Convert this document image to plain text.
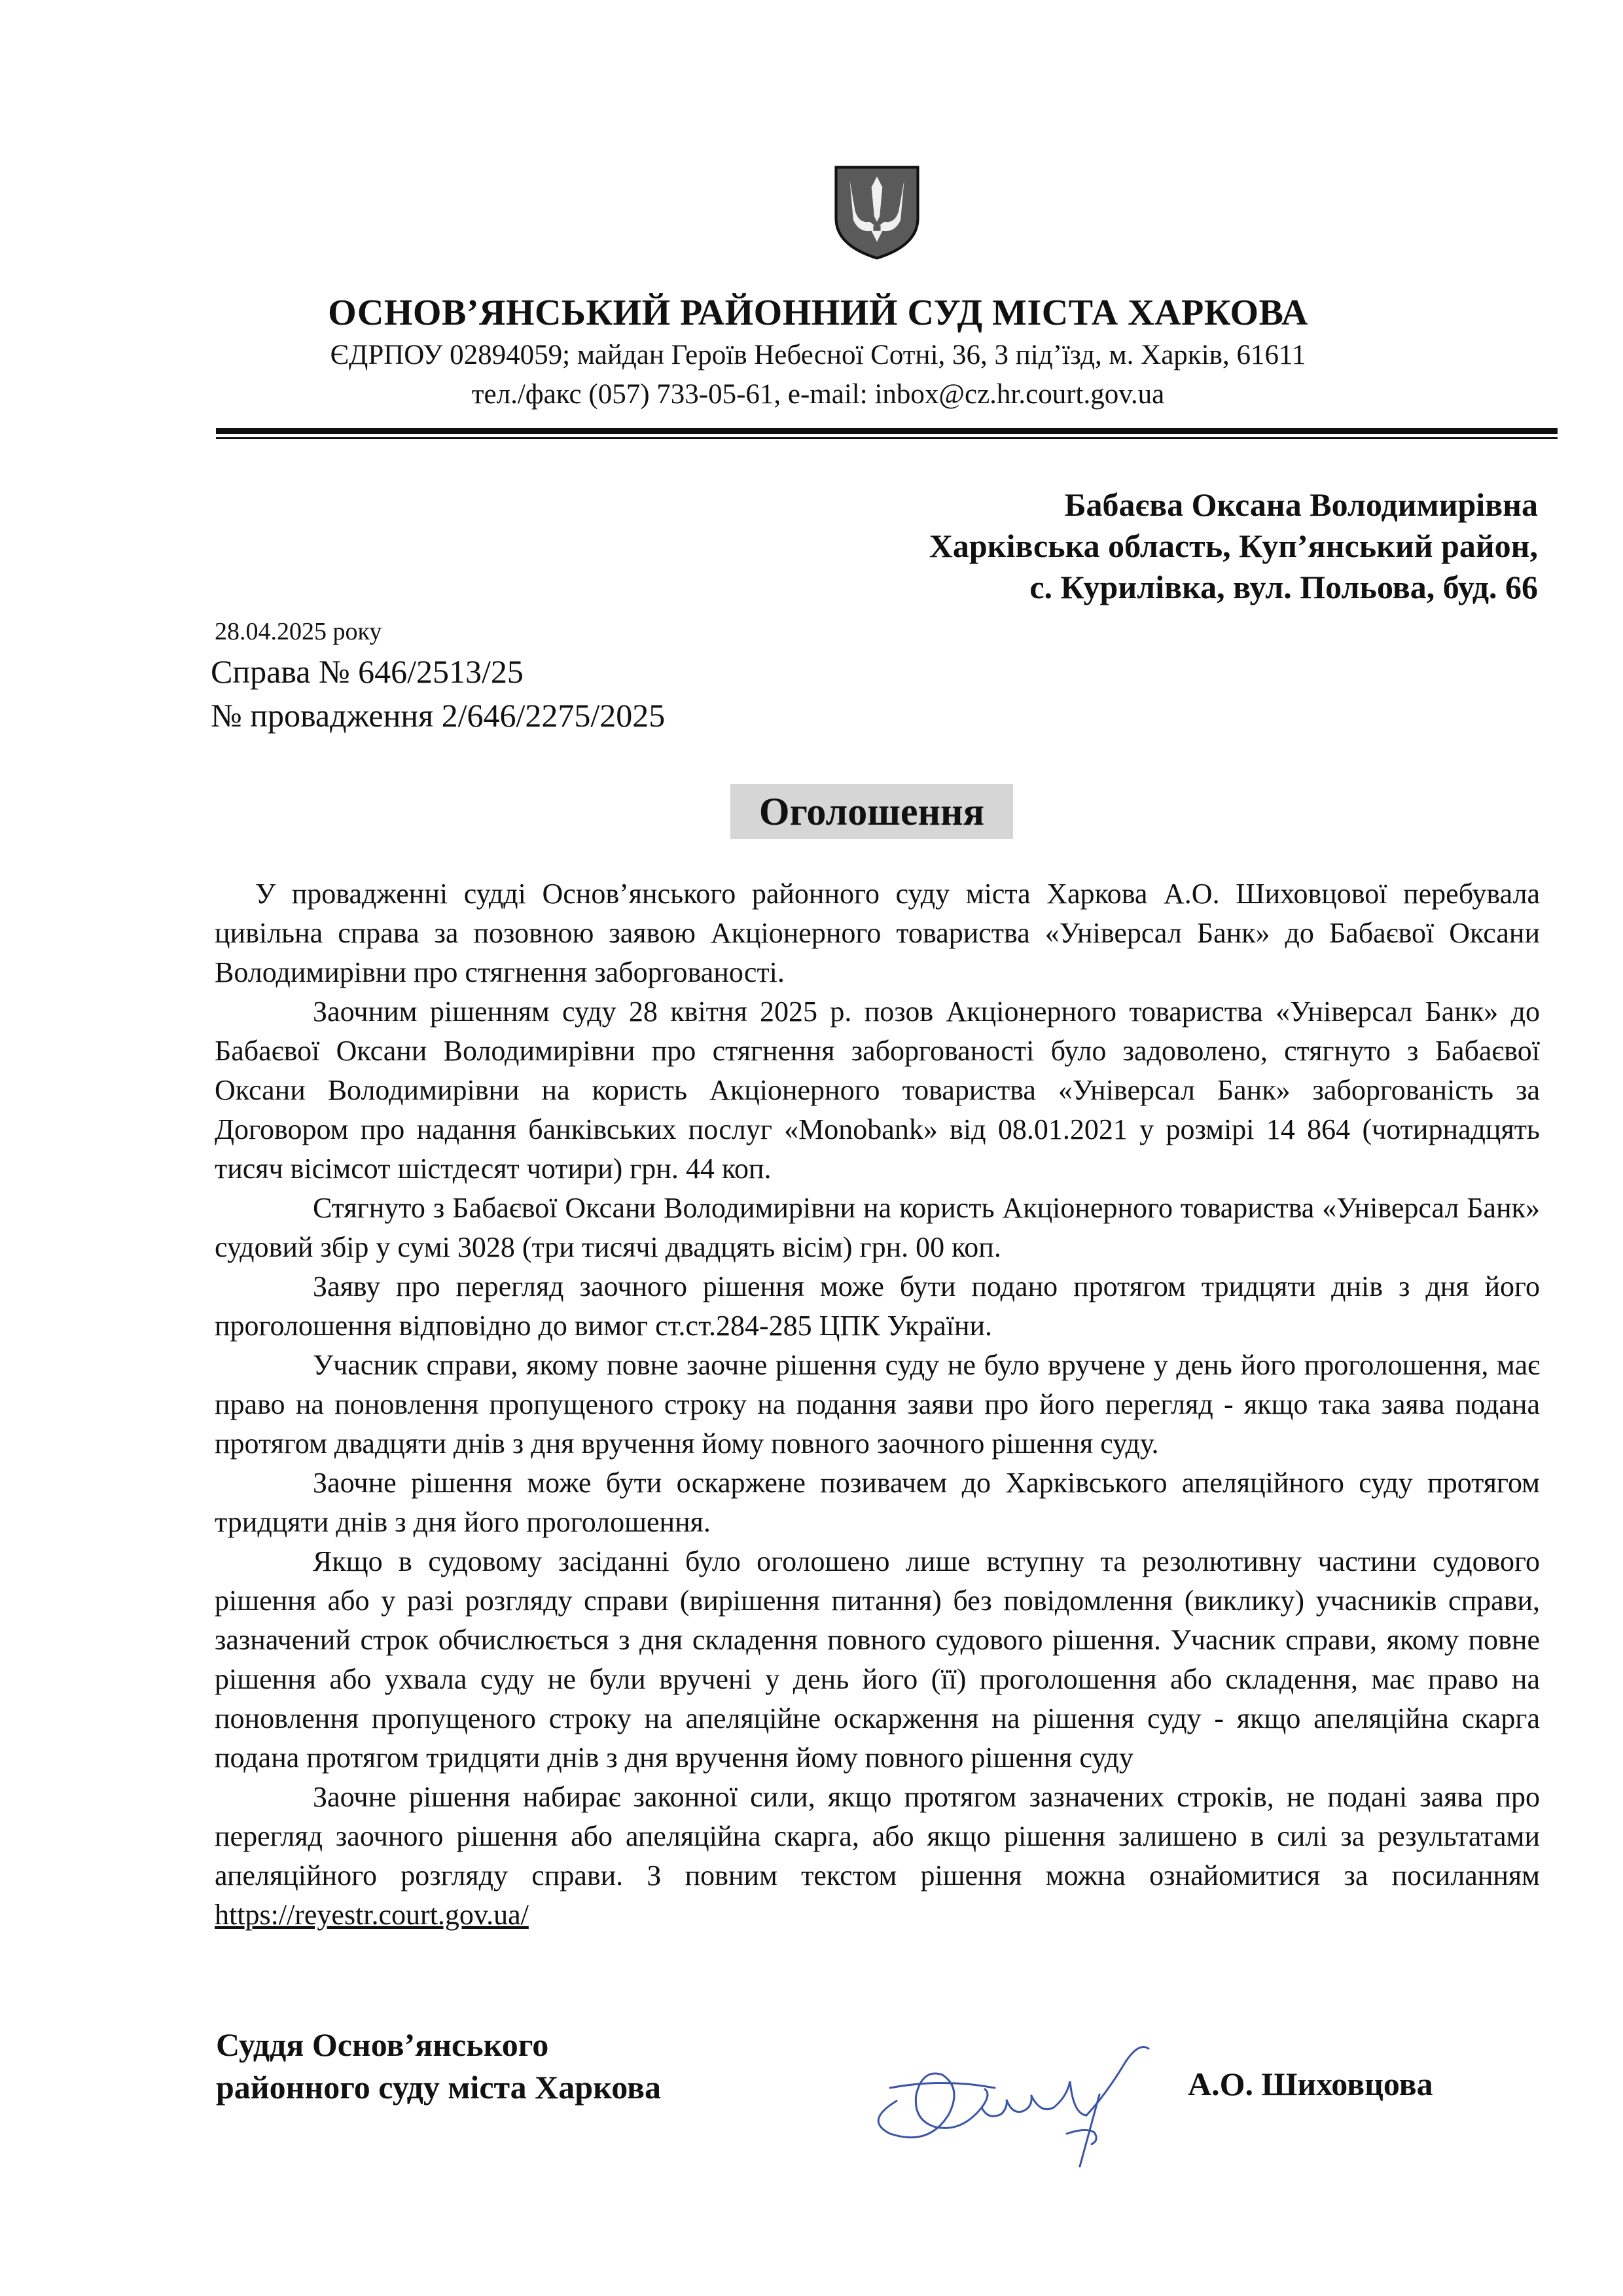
ОСНОВ’ЯНСЬКИЙ РАЙОННИЙ СУД МІСТА ХАРКОВА
ЄДРПОУ 02894059; майдан Героїв Небесної Сотні, 36, 3 під’їзд, м. Харків, 61611
тел./факс (057) 733-05-61, e-mail: inbox@cz.hr.court.gov.ua
Бабаєва Оксана Володимирівна
Харківська область, Куп’янський район,
с. Курилівка, вул. Польова, буд. 66
28.04.2025 року
Справа № 646/2513/25
№ провадження 2/646/2275/2025
Оголошення

У провадженні судді Основ’янського районного суду міста Харкова А.О. Шиховцової перебувала цивільна справа за позовною заявою Акціонерного товариства «Універсал Банк» до Бабаєвої Оксани Володимирівни про стягнення заборгованості.

Заочним рішенням суду 28 квітня 2025 р. позов Акціонерного товариства «Універсал Банк» до Бабаєвої Оксани Володимирівни про стягнення заборгованості було задоволено, стягнуто з Бабаєвої Оксани Володимирівни на користь Акціонерного товариства «Універсал Банк» заборгованість за Договором про надання банківських послуг «Monobank» від 08.01.2021 у розмірі 14 864 (чотирнадцять тисяч вісімсот шістдесят чотири) грн. 44 коп.

Стягнуто з Бабаєвої Оксани Володимирівни на користь Акціонерного товариства «Універсал Банк» судовий збір у сумі 3028 (три тисячі двадцять вісім) грн. 00 коп.

Заяву про перегляд заочного рішення може бути подано протягом тридцяти днів з дня його проголошення відповідно до вимог ст.ст.284-285 ЦПК України.

Учасник справи, якому повне заочне рішення суду не було вручене у день його проголошення, має право на поновлення пропущеного строку на подання заяви про його перегляд - якщо така заява подана протягом двадцяти днів з дня вручення йому повного заочного рішення суду.

Заочне рішення може бути оскаржене позивачем до Харківського апеляційного суду протягом тридцяти днів з дня його проголошення.

Якщо в судовому засіданні було оголошено лише вступну та резолютивну частини судового рішення або у разі розгляду справи (вирішення питання) без повідомлення (виклику) учасників справи, зазначений строк обчислюється з дня складення повного судового рішення. Учасник справи, якому повне рішення або ухвала суду не були вручені у день його (її) проголошення або складення, має право на поновлення пропущеного строку на апеляційне оскарження на рішення суду - якщо апеляційна скарга подана протягом тридцяти днів з дня вручення йому повного рішення суду

Заочне рішення набирає законної сили, якщо протягом зазначених строків, не подані заява про перегляд заочного рішення або апеляційна скарга, або якщо рішення залишено в силі за результатами апеляційного розгляду справи. З повним текстом рішення можна ознайомитися за посиланням https://reyestr.court.gov.ua/

Суддя Основ’янського
районного суду міста Харкова	А.О. Шиховцова
